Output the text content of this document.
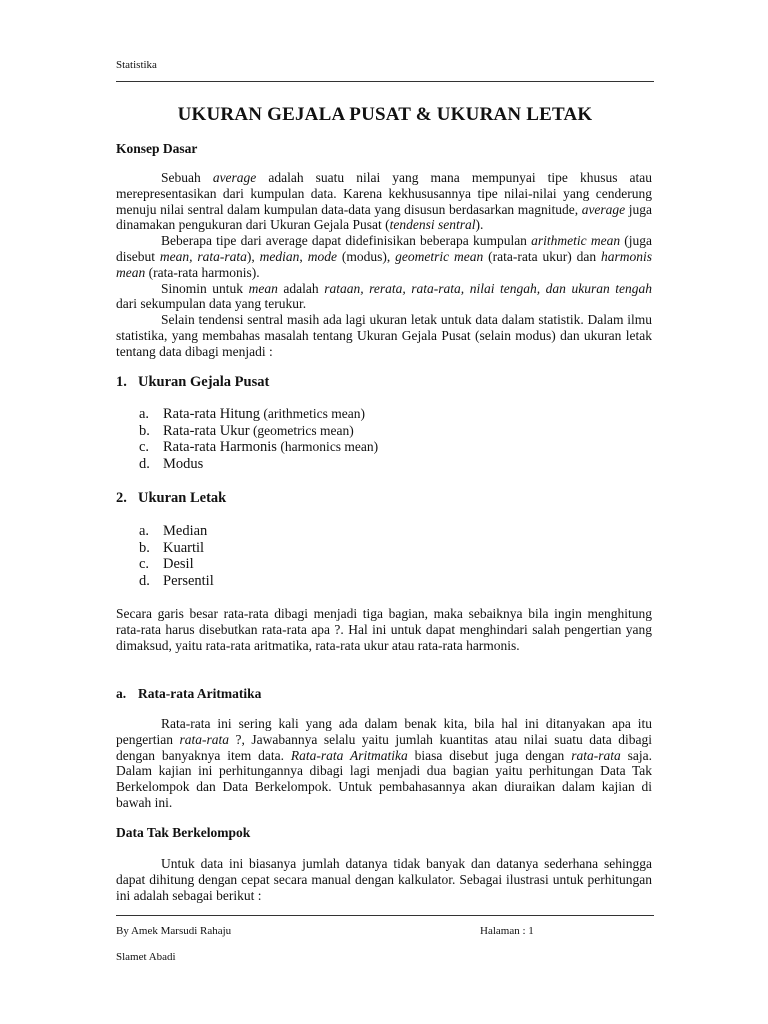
Statistika
UKURAN GEJALA PUSAT & UKURAN LETAK
Konsep Dasar

Sebuah average adalah suatu nilai yang mana mempunyai tipe khusus atau merepresentasikan dari kumpulan data. Karena kekhususannya tipe nilai-nilai yang cenderung menuju nilai sentral dalam kumpulan data-data yang disusun berdasarkan magnitude, average juga dinamakan pengukuran dari Ukuran Gejala Pusat (tendensi sentral).

Beberapa tipe dari average dapat didefinisikan beberapa kumpulan arithmetic mean (juga disebut mean, rata-rata), median, mode (modus), geometric mean (rata-rata ukur) dan harmonis mean (rata-rata harmonis).

Sinomin untuk mean adalah rataan, rerata, rata-rata, nilai tengah, dan ukuran tengah dari sekumpulan data yang terukur.

Selain tendensi sentral masih ada lagi ukuran letak untuk data dalam statistik. Dalam ilmu statistika, yang membahas masalah tentang Ukuran Gejala Pusat (selain modus) dan ukuran letak tentang data dibagi menjadi :

1. Ukuran Gejala Pusat
a. Rata-rata Hitung (arithmetics mean)
b. Rata-rata Ukur (geometrics mean)
c. Rata-rata Harmonis (harmonics mean)
d. Modus
2. Ukuran Letak
a. Median
b. Kuartil
c. Desil
d. Persentil

Secara garis besar rata-rata dibagi menjadi tiga bagian, maka sebaiknya bila ingin menghitung rata-rata harus disebutkan rata-rata apa ?. Hal ini untuk dapat menghindari salah pengertian yang dimaksud, yaitu rata-rata aritmatika, rata-rata ukur atau rata-rata harmonis.

a. Rata-rata Aritmatika

Rata-rata ini sering kali yang ada dalam benak kita, bila hal ini ditanyakan apa itu pengertian rata-rata ?, Jawabannya selalu yaitu jumlah kuantitas atau nilai suatu data dibagi dengan banyaknya item data. Rata-rata Aritmatika biasa disebut juga dengan rata-rata saja. Dalam kajian ini perhitungannya dibagi lagi menjadi dua bagian yaitu perhitungan Data Tak Berkelompok dan Data Berkelompok. Untuk pembahasannya akan diuraikan dalam kajian di bawah ini.

Data Tak Berkelompok

Untuk data ini biasanya jumlah datanya tidak banyak dan datanya sederhana sehingga dapat dihitung dengan cepat secara manual dengan kalkulator. Sebagai ilustrasi untuk perhitungan ini adalah sebagai berikut :

By Amek Marsudi Rahaju	Halaman : 1
Slamet Abadi
